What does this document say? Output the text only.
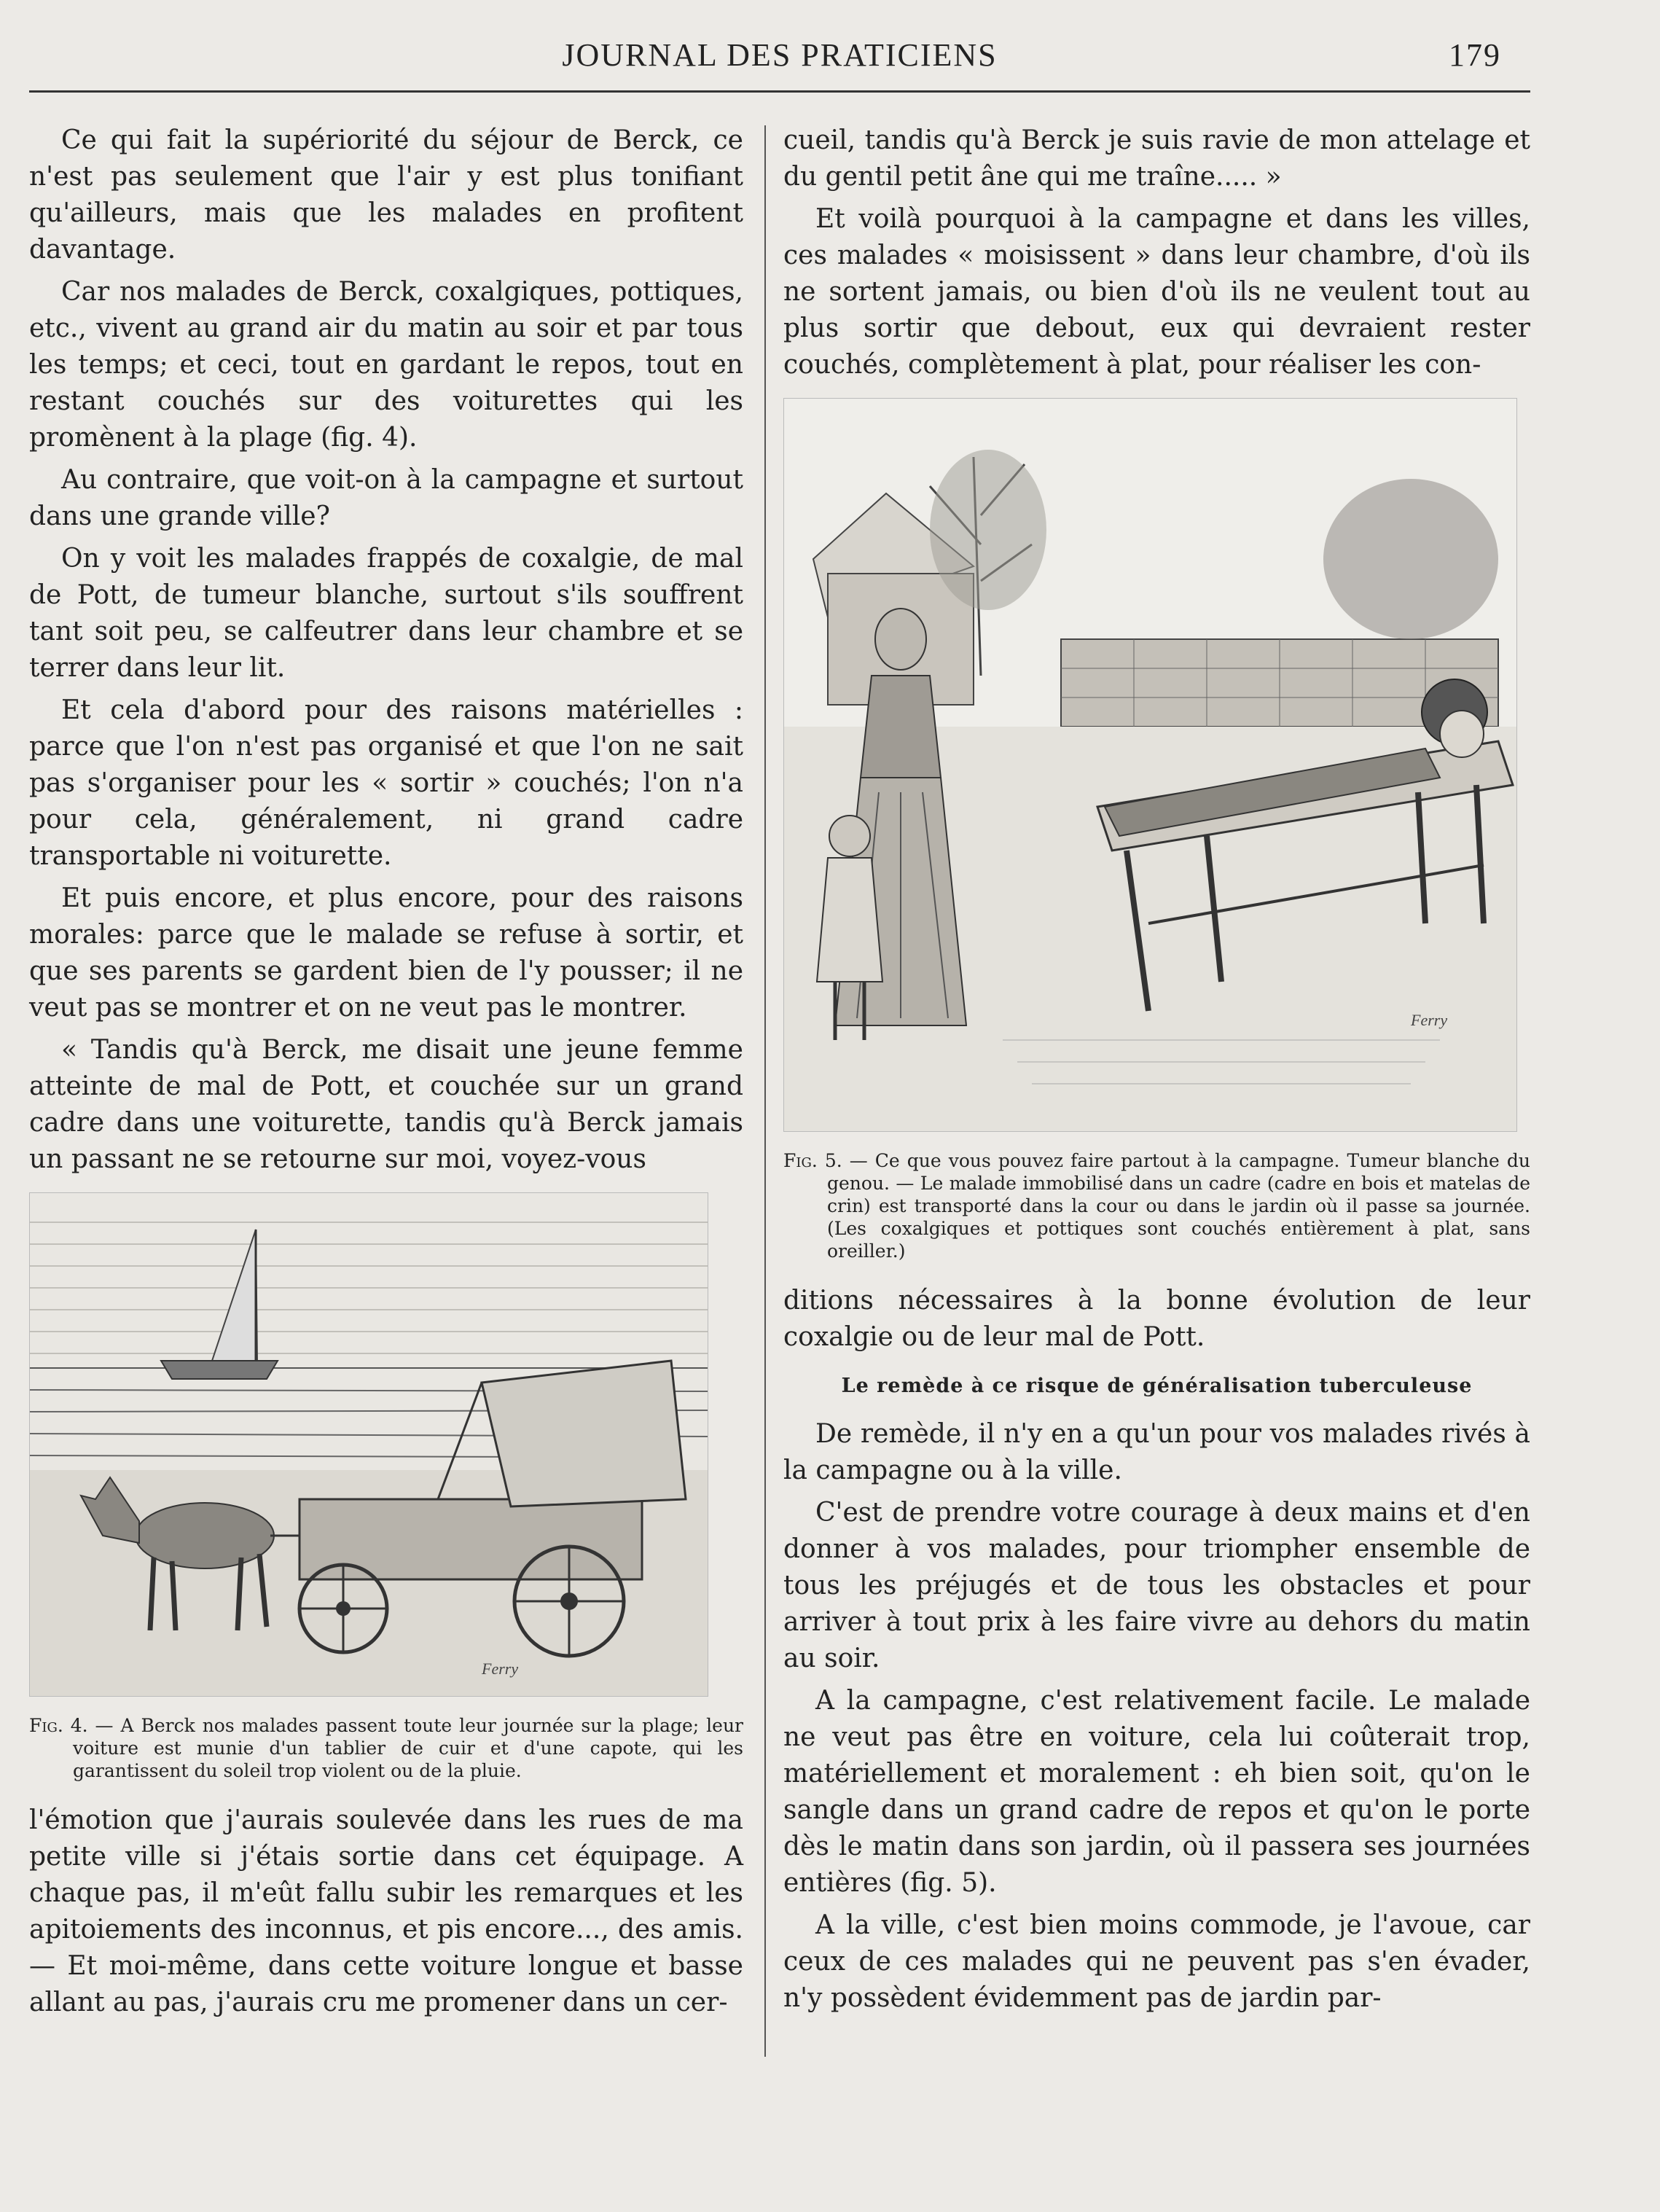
JOURNAL DES PRATICIENS	179

Ce qui fait la supériorité du séjour de Berck, ce n'est pas seulement que l'air y est plus tonifiant qu'ailleurs, mais que les malades en profitent davantage.

Car nos malades de Berck, coxalgiques, pottiques, etc., vivent au grand air du matin au soir et par tous les temps; et ceci, tout en gardant le repos, tout en restant couchés sur des voiturettes qui les promènent à la plage (fig. 4).

Au contraire, que voit-on à la campagne et surtout dans une grande ville?

On y voit les malades frappés de coxalgie, de mal de Pott, de tumeur blanche, surtout s'ils souffrent tant soit peu, se calfeutrer dans leur chambre et se terrer dans leur lit.

Et cela d'abord pour des raisons matérielles : parce que l'on n'est pas organisé et que l'on ne sait pas s'organiser pour les « sortir » couchés; l'on n'a pour cela, généralement, ni grand cadre transportable ni voiturette.

Et puis encore, et plus encore, pour des raisons morales: parce que le malade se refuse à sortir, et que ses parents se gardent bien de l'y pousser; il ne veut pas se montrer et on ne veut pas le montrer.

« Tandis qu'à Berck, me disait une jeune femme atteinte de mal de Pott, et couchée sur un grand cadre dans une voiturette, tandis qu'à Berck jamais un passant ne se retourne sur moi, voyez-vous

Ferry
Fig. 4. — A Berck nos malades passent toute leur journée sur la plage; leur voiture est munie d'un tablier de cuir et d'une capote, qui les garantissent du soleil trop violent ou de la pluie.

l'émotion que j'aurais soulevée dans les rues de ma petite ville si j'étais sortie dans cet équipage. A chaque pas, il m'eût fallu subir les remarques et les apitoiements des inconnus, et pis encore..., des amis. — Et moi-même, dans cette voiture longue et basse allant au pas, j'aurais cru me promener dans un cer-

cueil, tandis qu'à Berck je suis ravie de mon attelage et du gentil petit âne qui me traîne..... »

Et voilà pourquoi à la campagne et dans les villes, ces malades « moisissent » dans leur chambre, d'où ils ne sortent jamais, ou bien d'où ils ne veulent tout au plus sortir que debout, eux qui devraient rester couchés, complètement à plat, pour réaliser les con-

Ferry
Fig. 5. — Ce que vous pouvez faire partout à la campagne. Tumeur blanche du genou. — Le malade immobilisé dans un cadre (cadre en bois et matelas de crin) est transporté dans la cour ou dans le jardin où il passe sa journée. (Les coxalgiques et pottiques sont couchés entièrement à plat, sans oreiller.)

ditions nécessaires à la bonne évolution de leur coxalgie ou de leur mal de Pott.

Le remède à ce risque de généralisation tuberculeuse

De remède, il n'y en a qu'un pour vos malades rivés à la campagne ou à la ville.

C'est de prendre votre courage à deux mains et d'en donner à vos malades, pour triompher ensemble de tous les préjugés et de tous les obstacles et pour arriver à tout prix à les faire vivre au dehors du matin au soir.

A la campagne, c'est relativement facile. Le malade ne veut pas être en voiture, cela lui coûterait trop, matériellement et moralement : eh bien soit, qu'on le sangle dans un grand cadre de repos et qu'on le porte dès le matin dans son jardin, où il passera ses journées entières (fig. 5).

A la ville, c'est bien moins commode, je l'avoue, car ceux de ces malades qui ne peuvent pas s'en évader, n'y possèdent évidemment pas de jardin par-
